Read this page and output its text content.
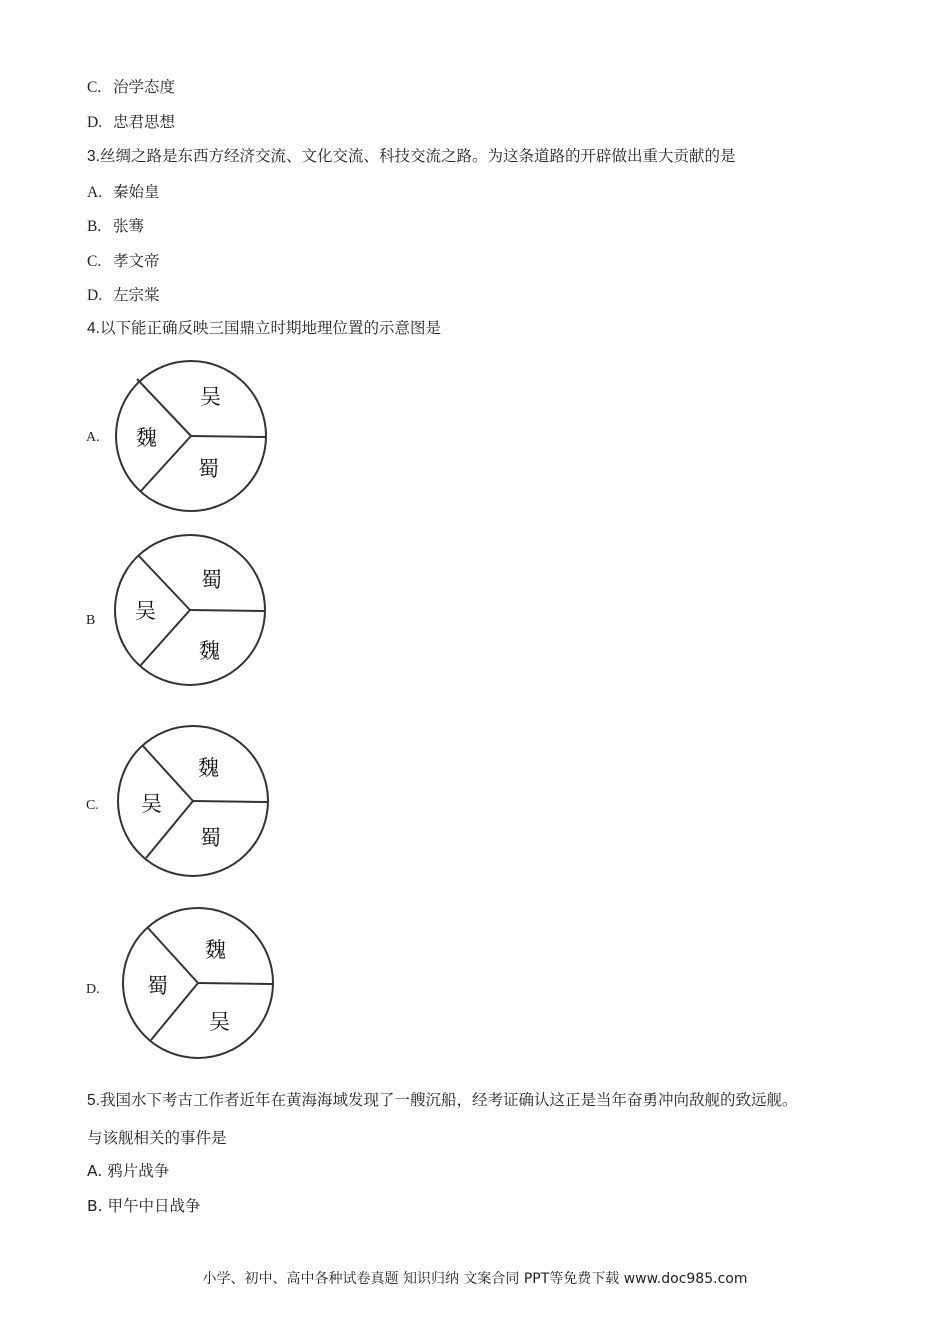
C. 治学态度
D. 忠君思想
3.丝绸之路是东西方经济交流、文化交流、科技交流之路。为这条道路的开辟做出重大贡献的是
A. 秦始皇
B. 张骞
C. 孝文帝
D. 左宗棠
4.以下能正确反映三国鼎立时期地理位置的示意图是
A. 魏
吴
蜀
B 吴
蜀
魏
C. 吴
魏
蜀
D. 蜀
魏
吴
5.我国水下考古工作者近年在黄海海域发现了一艘沉船，经考证确认这正是当年奋勇冲向敌舰的致远舰。
与该舰相关的事件是
A. 鸦片战争
B. 甲午中日战争
小学、初中、高中各种试卷真题 知识归纳 文案合同 PPT等免费下载 www.doc985.com
